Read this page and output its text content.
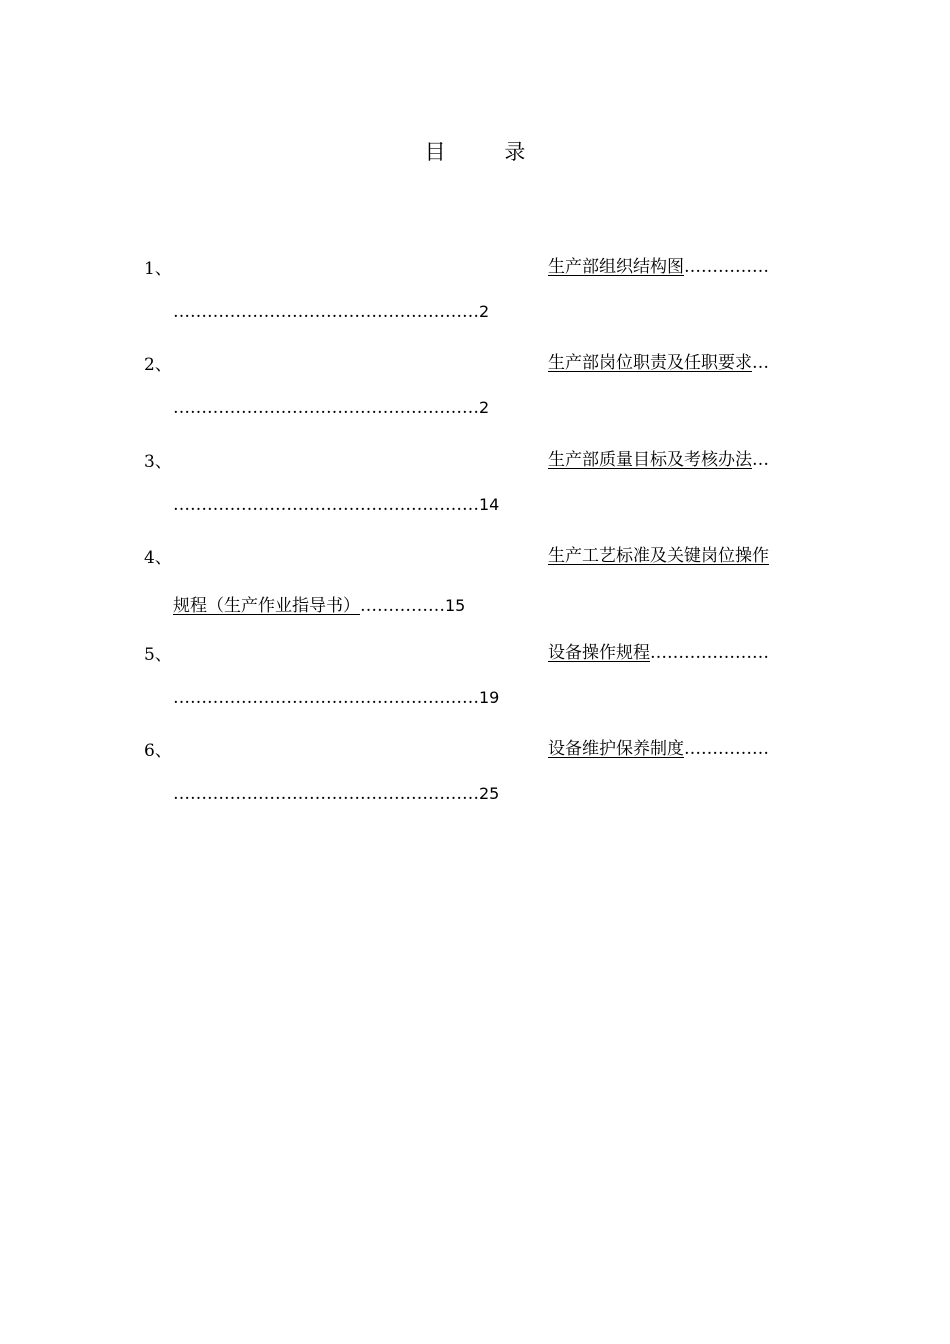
目 录
1、	生产部组织结构图……………
………………………………………………2
2、	生产部岗位职责及任职要求…
………………………………………………2
3、	生产部质量目标及考核办法…
………………………………………………14
4、	生产工艺标准及关键岗位操作
规程（生产作业指导书）……………15
5、	设备操作规程…………………
………………………………………………19
6、	设备维护保养制度……………
………………………………………………25
